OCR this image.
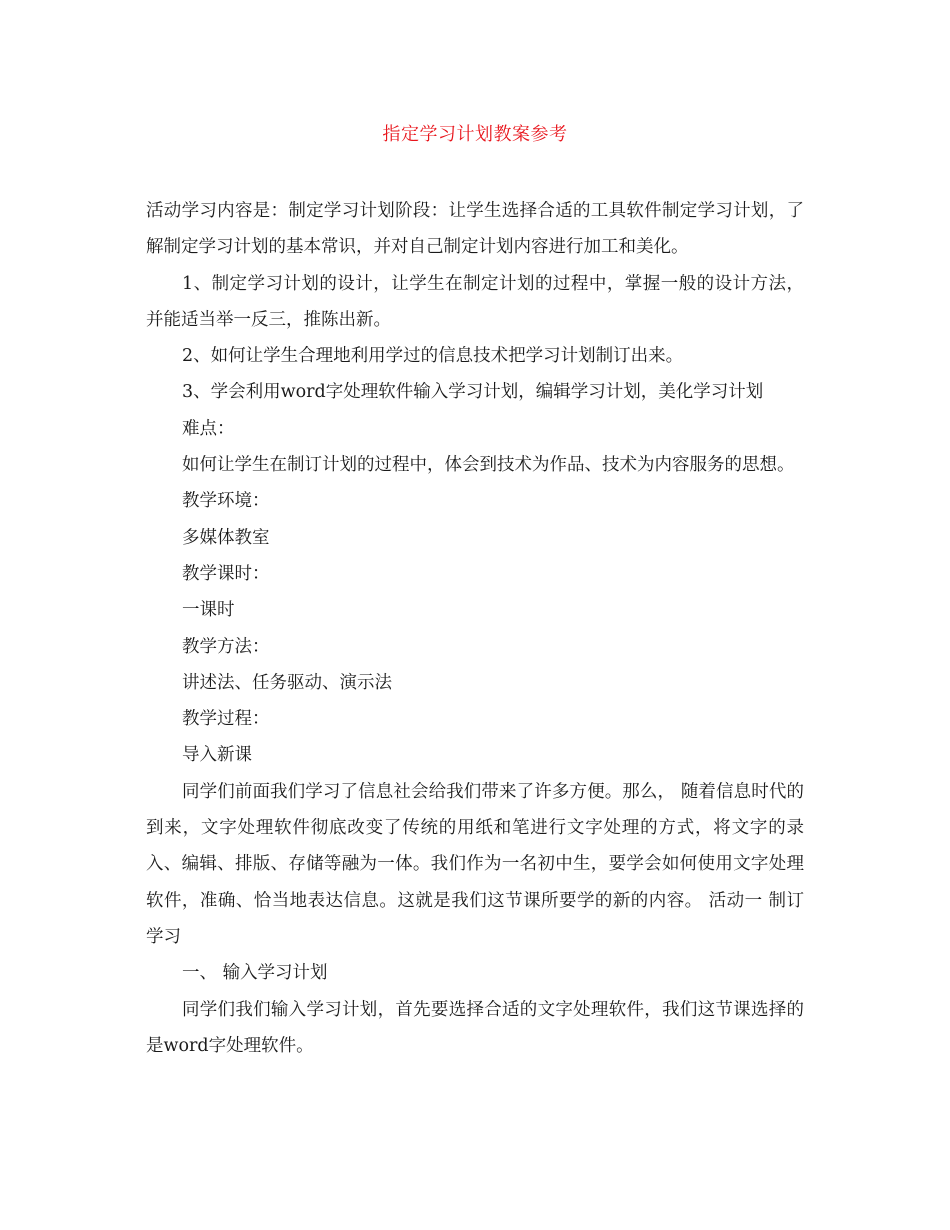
指定学习计划教案参考

活动学习内容是：制定学习计划阶段：让学生选择合适的工具软件制定学习计划，了解制定学习计划的基本常识，并对自己制定计划内容进行加工和美化。

1、制定学习计划的设计，让学生在制定计划的过程中，掌握一般的设计方法，并能适当举一反三，推陈出新。

2、如何让学生合理地利用学过的信息技术把学习计划制订出来。

3、学会利用word字处理软件输入学习计划，编辑学习计划，美化学习计划

难点：

如何让学生在制订计划的过程中，体会到技术为作品、技术为内容服务的思想。

教学环境：

多媒体教室

教学课时：

一课时

教学方法：

讲述法、任务驱动、演示法

教学过程：

导入新课

同学们前面我们学习了信息社会给我们带来了许多方便。那么， 随着信息时代的到来，文字处理软件彻底改变了传统的用纸和笔进行文字处理的方式，将文字的录入、编辑、排版、存储等融为一体。我们作为一名初中生，要学会如何使用文字处理软件，准确、恰当地表达信息。这就是我们这节课所要学的新的内容。 活动一 制订学习

一、 输入学习计划

同学们我们输入学习计划，首先要选择合适的文字处理软件，我们这节课选择的是word字处理软件。
